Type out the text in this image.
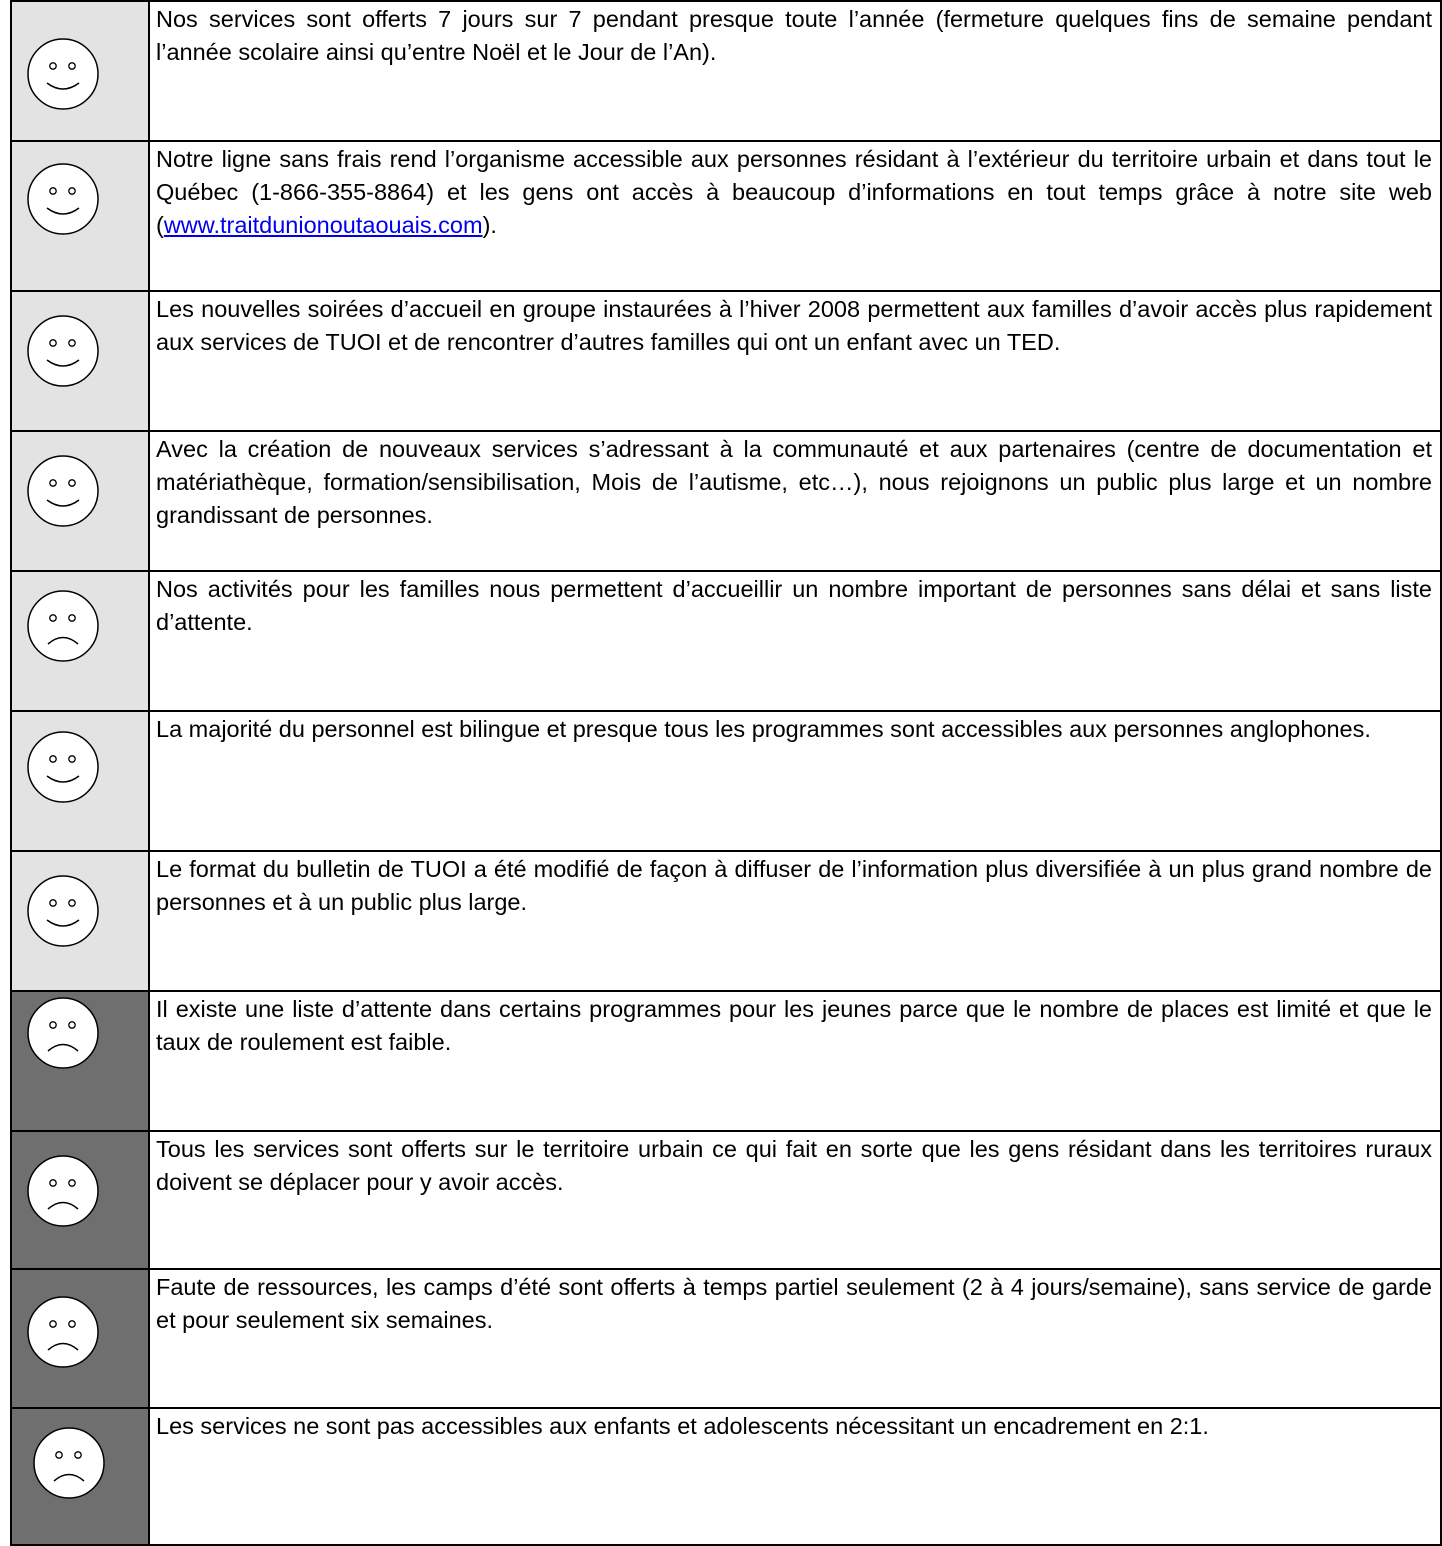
	Nos services sont offerts 7 jours sur 7 pendant presque toute l’année (fermeture quelques fins de semaine pendant l’année scolaire ainsi qu’entre Noël et le Jour de l’An).

	Notre ligne sans frais rend l’organisme accessible aux personnes résidant à l’extérieur du territoire urbain et dans tout le Québec (1-866-355-8864) et les gens ont accès à beaucoup d’informations en tout temps grâce à notre site web (www.traitdunionoutaouais.com).

	Les nouvelles soirées d’accueil en groupe instaurées à l’hiver 2008 permettent aux familles d’avoir accès plus rapidement aux services de TUOI et de rencontrer d’autres familles qui ont un enfant avec un TED.

	Avec la création de nouveaux services s’adressant à la communauté et aux partenaires (centre de documentation et matériathèque, formation/sensibilisation, Mois de l’autisme, etc…), nous rejoignons un public plus large et un nombre grandissant de personnes.

	Nos activités pour les familles nous permettent d’accueillir un nombre important de personnes sans délai et sans liste d’attente.

	La majorité du personnel est bilingue et presque tous les programmes sont accessibles aux personnes anglophones.

	Le format du bulletin de TUOI a été modifié de façon à diffuser de l’information plus diversifiée à un plus grand nombre de personnes et à un public plus large.

	Il existe une liste d’attente dans certains programmes pour les jeunes parce que le nombre de places est limité et que le taux de roulement est faible.

	Tous les services sont offerts sur le territoire urbain ce qui fait en sorte que les gens résidant dans les territoires ruraux doivent se déplacer pour y avoir accès.

	Faute de ressources, les camps d’été sont offerts à temps partiel seulement (2 à 4 jours/semaine), sans service de garde et pour seulement six semaines.

	Les services ne sont pas accessibles aux enfants et adolescents nécessitant un encadrement en 2:1.
